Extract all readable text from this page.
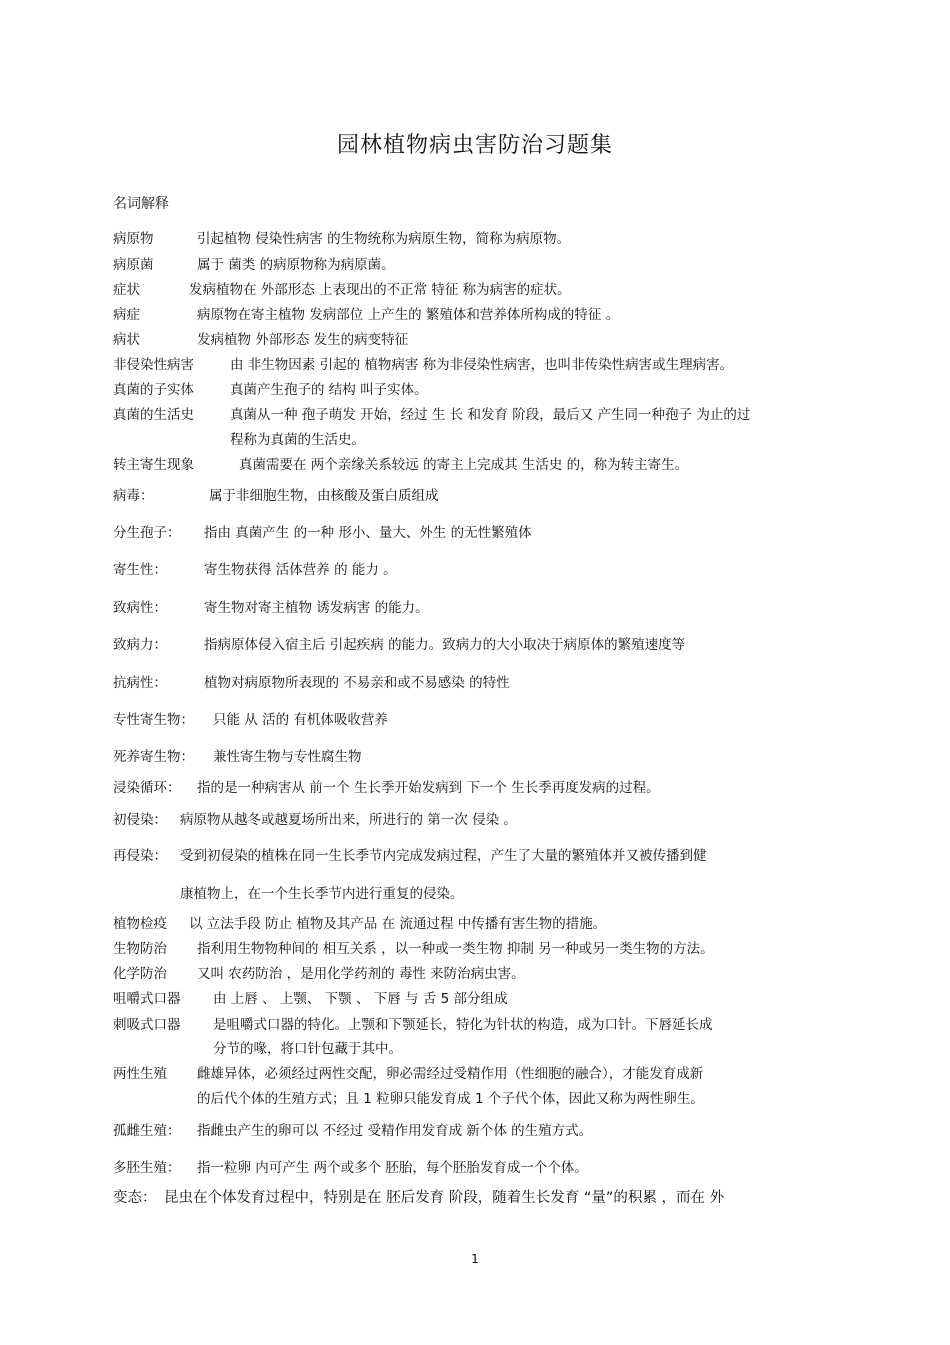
园林植物病虫害防治习题集
名词解释
病原物	引起植物 侵染性病害 的生物统称为病原生物，简称为病原物。
病原菌	属于 菌类 的病原物称为病原菌。
症状	发病植物在 外部形态 上表现出的不正常 特征 称为病害的症状。
病症	病原物在寄主植物 发病部位 上产生的 繁殖体和营养体所构成的特征 。
病状	发病植物 外部形态 发生的病变特征
非侵染性病害	由 非生物因素 引起的 植物病害 称为非侵染性病害，也叫非传染性病害或生理病害。
真菌的子实体	真菌产生孢子的 结构 叫子实体。
真菌的生活史	真菌从一种 孢子萌发 开始，经过 生 长 和发育 阶段，最后又 产生同一种孢子 为止的过
程称为真菌的生活史。
转主寄生现象	真菌需要在 两个亲缘关系较远 的寄主上完成其 生活史 的，称为转主寄生。
病毒：	属于非细胞生物，由核酸及蛋白质组成
分生孢子： 指由 真菌产生 的一种 形小、量大、外生 的无性繁殖体
寄生性：	寄生物获得 活体营养 的 能力 。
致病性：	寄生物对寄主植物 诱发病害 的能力。
致病力：	指病原体侵入宿主后 引起疾病 的能力。致病力的大小取决于病原体的繁殖速度等
抗病性：	植物对病原物所表现的 不易亲和或不易感染 的特性
专性寄生物： 只能 从 活的 有机体吸收营养
死养寄生物： 兼性寄生物与专性腐生物
浸染循环： 指的是一种病害从 前一个 生长季开始发病到 下一个 生长季再度发病的过程。
初侵染： 病原物从越冬或越夏场所出来，所进行的 第一次 侵染 。
再侵染： 受到初侵染的植株在同一生长季节内完成发病过程，产生了大量的繁殖体并又被传播到健
康植物上，在一个生长季节内进行重复的侵染。
植物检疫 以 立法手段 防止 植物及其产品 在 流通过程 中传播有害生物的措施。
生物防治 指利用生物物种间的 相互关系 ，以一种或一类生物 抑制 另一种或另一类生物的方法。
化学防治 又叫 农药防治 ，是用化学药剂的 毒性 来防治病虫害。
咀嚼式口器 由 上唇 、 上颚、 下颚 、 下唇 与 舌 5 部分组成
刺吸式口器 是咀嚼式口器的特化。上颚和下颚延长，特化为针状的构造，成为口针。下唇延长成
分节的喙，将口针包藏于其中。
两性生殖 雌雄异体，必须经过两性交配，卵必需经过受精作用（性细胞的融合），才能发育成新
的后代个体的生殖方式；且 1 粒卵只能发育成 1 个子代个体，因此又称为两性卵生。
孤雌生殖： 指雌虫产生的卵可以 不经过 受精作用发育成 新个体 的生殖方式。
多胚生殖： 指一粒卵 内可产生 两个或多个 胚胎，每个胚胎发育成一个个体。
变态： 昆虫在个体发育过程中，特别是在 胚后发育 阶段，随着生长发育 “量”的积累 ，而在 外
1
